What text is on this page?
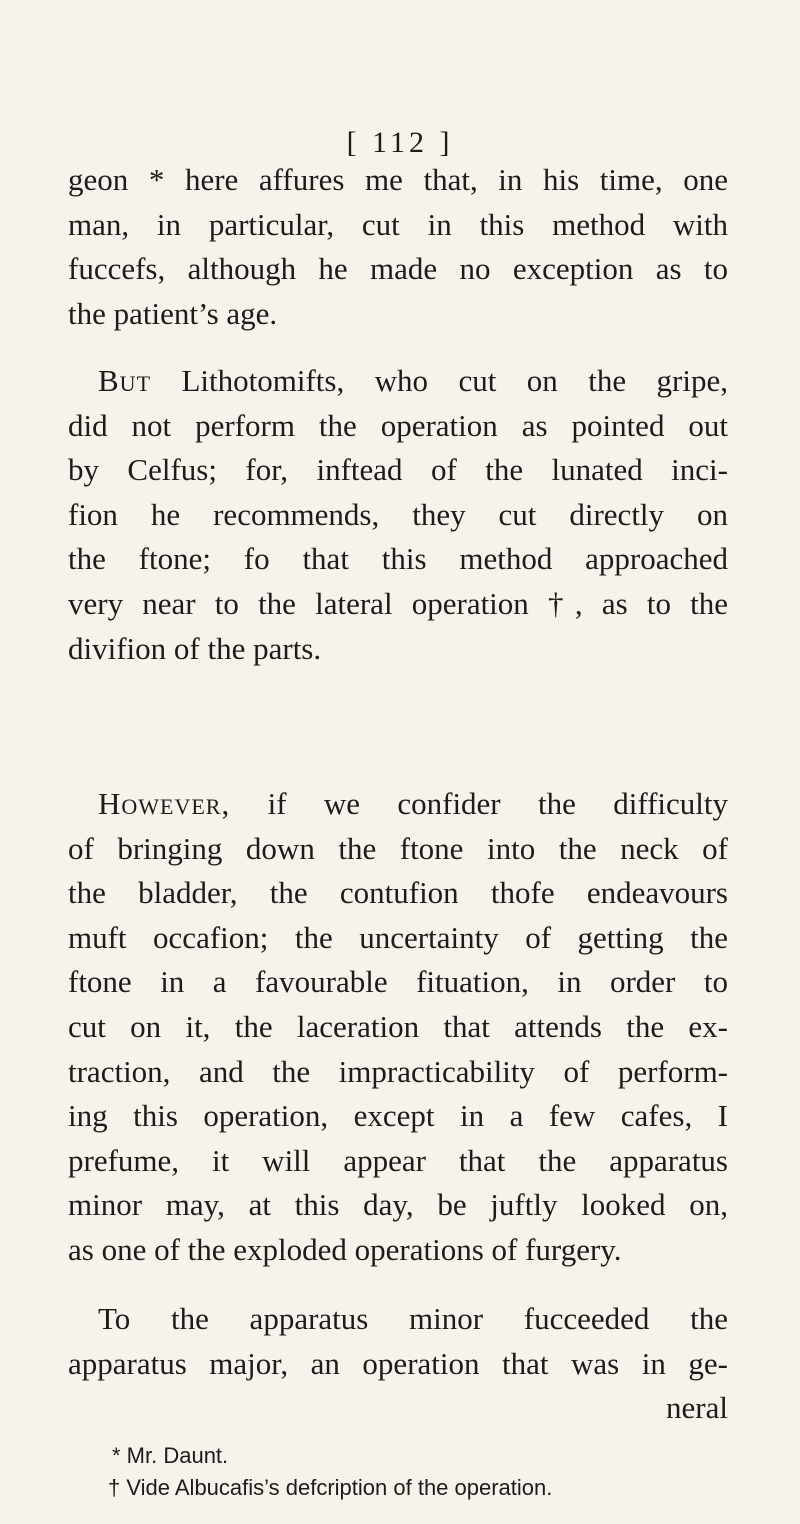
[ 112 ]
geon * here affures me that, in his time, one
man, in particular, cut in this method with
fuccefs, although he made no exception as to
the patient’s age.
But Lithotomifts, who cut on the gripe,
did not perform the operation as pointed out
by Celfus; for, inftead of the lunated inci-
fion he recommends, they cut directly on
the ftone; fo that this method approached
very near to the lateral operation †, as to the
divifion of the parts.
However, if we confider the difficulty
of bringing down the ftone into the neck of
the bladder, the contufion thofe endeavours
muft occafion; the uncertainty of getting the
ftone in a favourable fituation, in order to
cut on it, the laceration that attends the ex-
traction, and the impracticability of perform-
ing this operation, except in a few cafes, I
prefume, it will appear that the apparatus
minor may, at this day, be juftly looked on,
as one of the exploded operations of furgery.
To the apparatus minor fucceeded the
apparatus major, an operation that was in ge-
neral
* Mr. Daunt.
† Vide Albucafis’s defcription of the operation.
